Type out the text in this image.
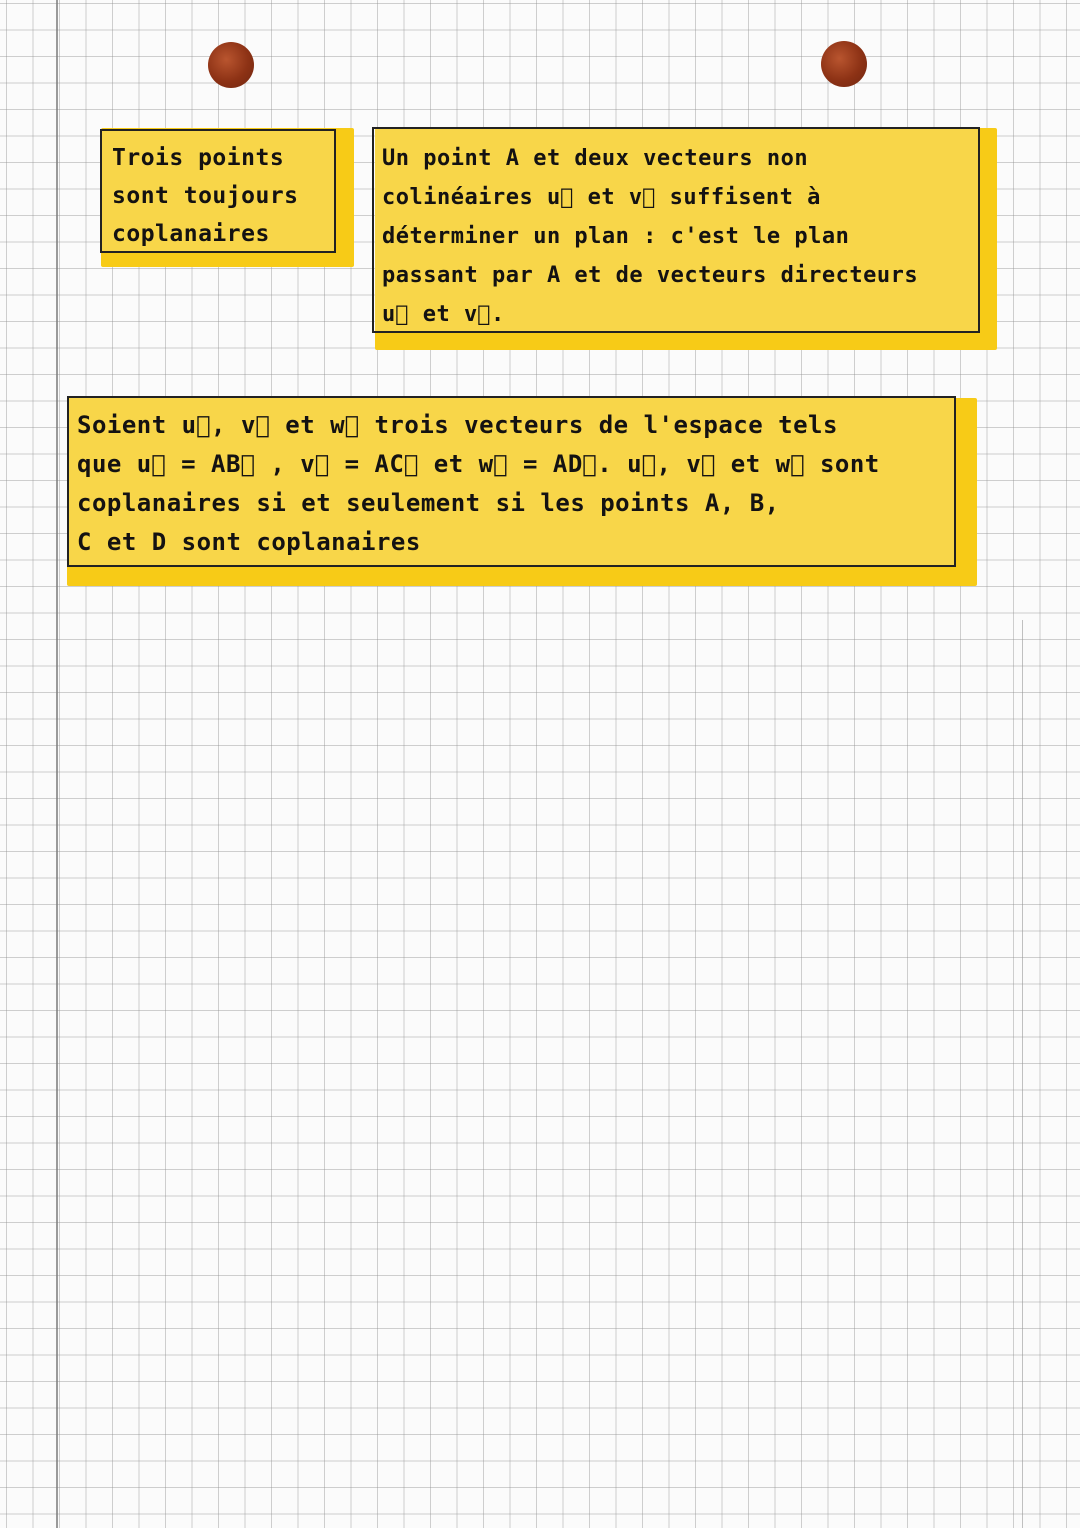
Trois points

sont toujours

coplanaires

Un point A et deux vecteurs non

colinéaires u⃗ et v⃗ suffisent à

déterminer un plan : c'est le plan

passant par A et de vecteurs directeurs

u⃗ et v⃗.

Soient u⃗, v⃗ et w⃗ trois vecteurs de l'espace tels

que u⃗ = AB⃗ , v⃗ = AC⃗ et w⃗ = AD⃗. u⃗, v⃗ et w⃗ sont

coplanaires si et seulement si les points A, B,

C et D sont coplanaires
